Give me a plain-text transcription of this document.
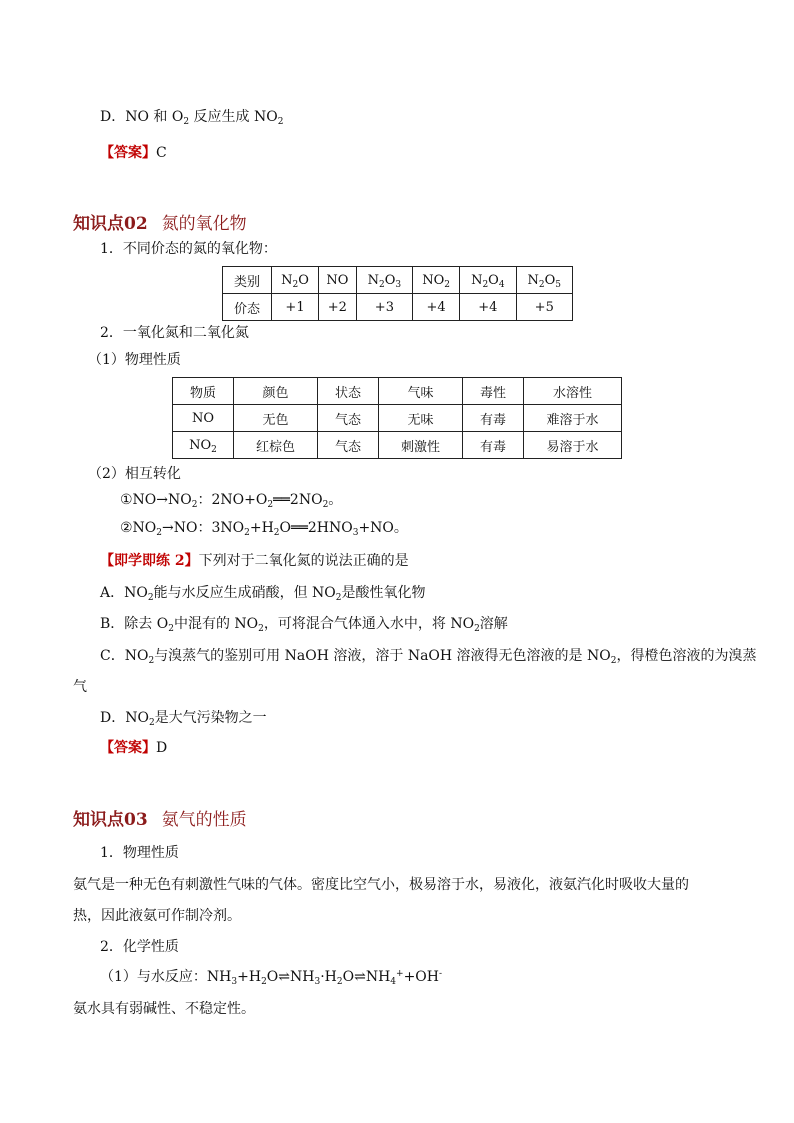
D．NO 和 $O_2$ 反应生成 $NO_2$
【答案】C
知识点02 氮的氧化物
1．不同价态的氮的氧化物：
类别	$N_2O$	NO	$N_2O_3$	$NO_2$	$N_2O_4$	$N_2O_5$
价态	+1	+2	+3	+4	+4	+5
2．一氧化氮和二氧化氮
（1）物理性质
物质	颜色	状态	气味	毒性	水溶性
NO	无色	气态	无味	有毒	难溶于水
$NO_2$	红棕色	气态	刺激性	有毒	易溶于水
（2）相互转化
$①NO\to NO_2$：$2NO+O_2══2NO_2$。
$②NO_2\to NO$：$3NO_2+H_2O══2HNO_3+NO$。
【即学即练 2】下列对于二氧化氮的说法正确的是
A．$NO_2$能与水反应生成硝酸，但 $NO_2$是酸性氧化物
B．除去 $O_2$中混有的 $NO_2$，可将混合气体通入水中，将 $NO_2$溶解
C．$NO_2$与溴蒸气的鉴别可用 NaOH 溶液，溶于 NaOH 溶液得无色溶液的是 $NO_2$，得橙色溶液的为溴蒸
气
D．$NO_2$是大气污染物之一
【答案】D
知识点03 氨气的性质
1．物理性质
氨气是一种无色有刺激性气味的气体。密度比空气小，极易溶于水，易液化，液氨汽化时吸收大量的
热，因此液氨可作制冷剂。
2．化学性质
（1）与水反应：$NH_3+H_2O\rightleftharpoons NH_3\cdot H_2O\rightleftharpoons NH_4^++OH^-$
氨水具有弱碱性、不稳定性。
